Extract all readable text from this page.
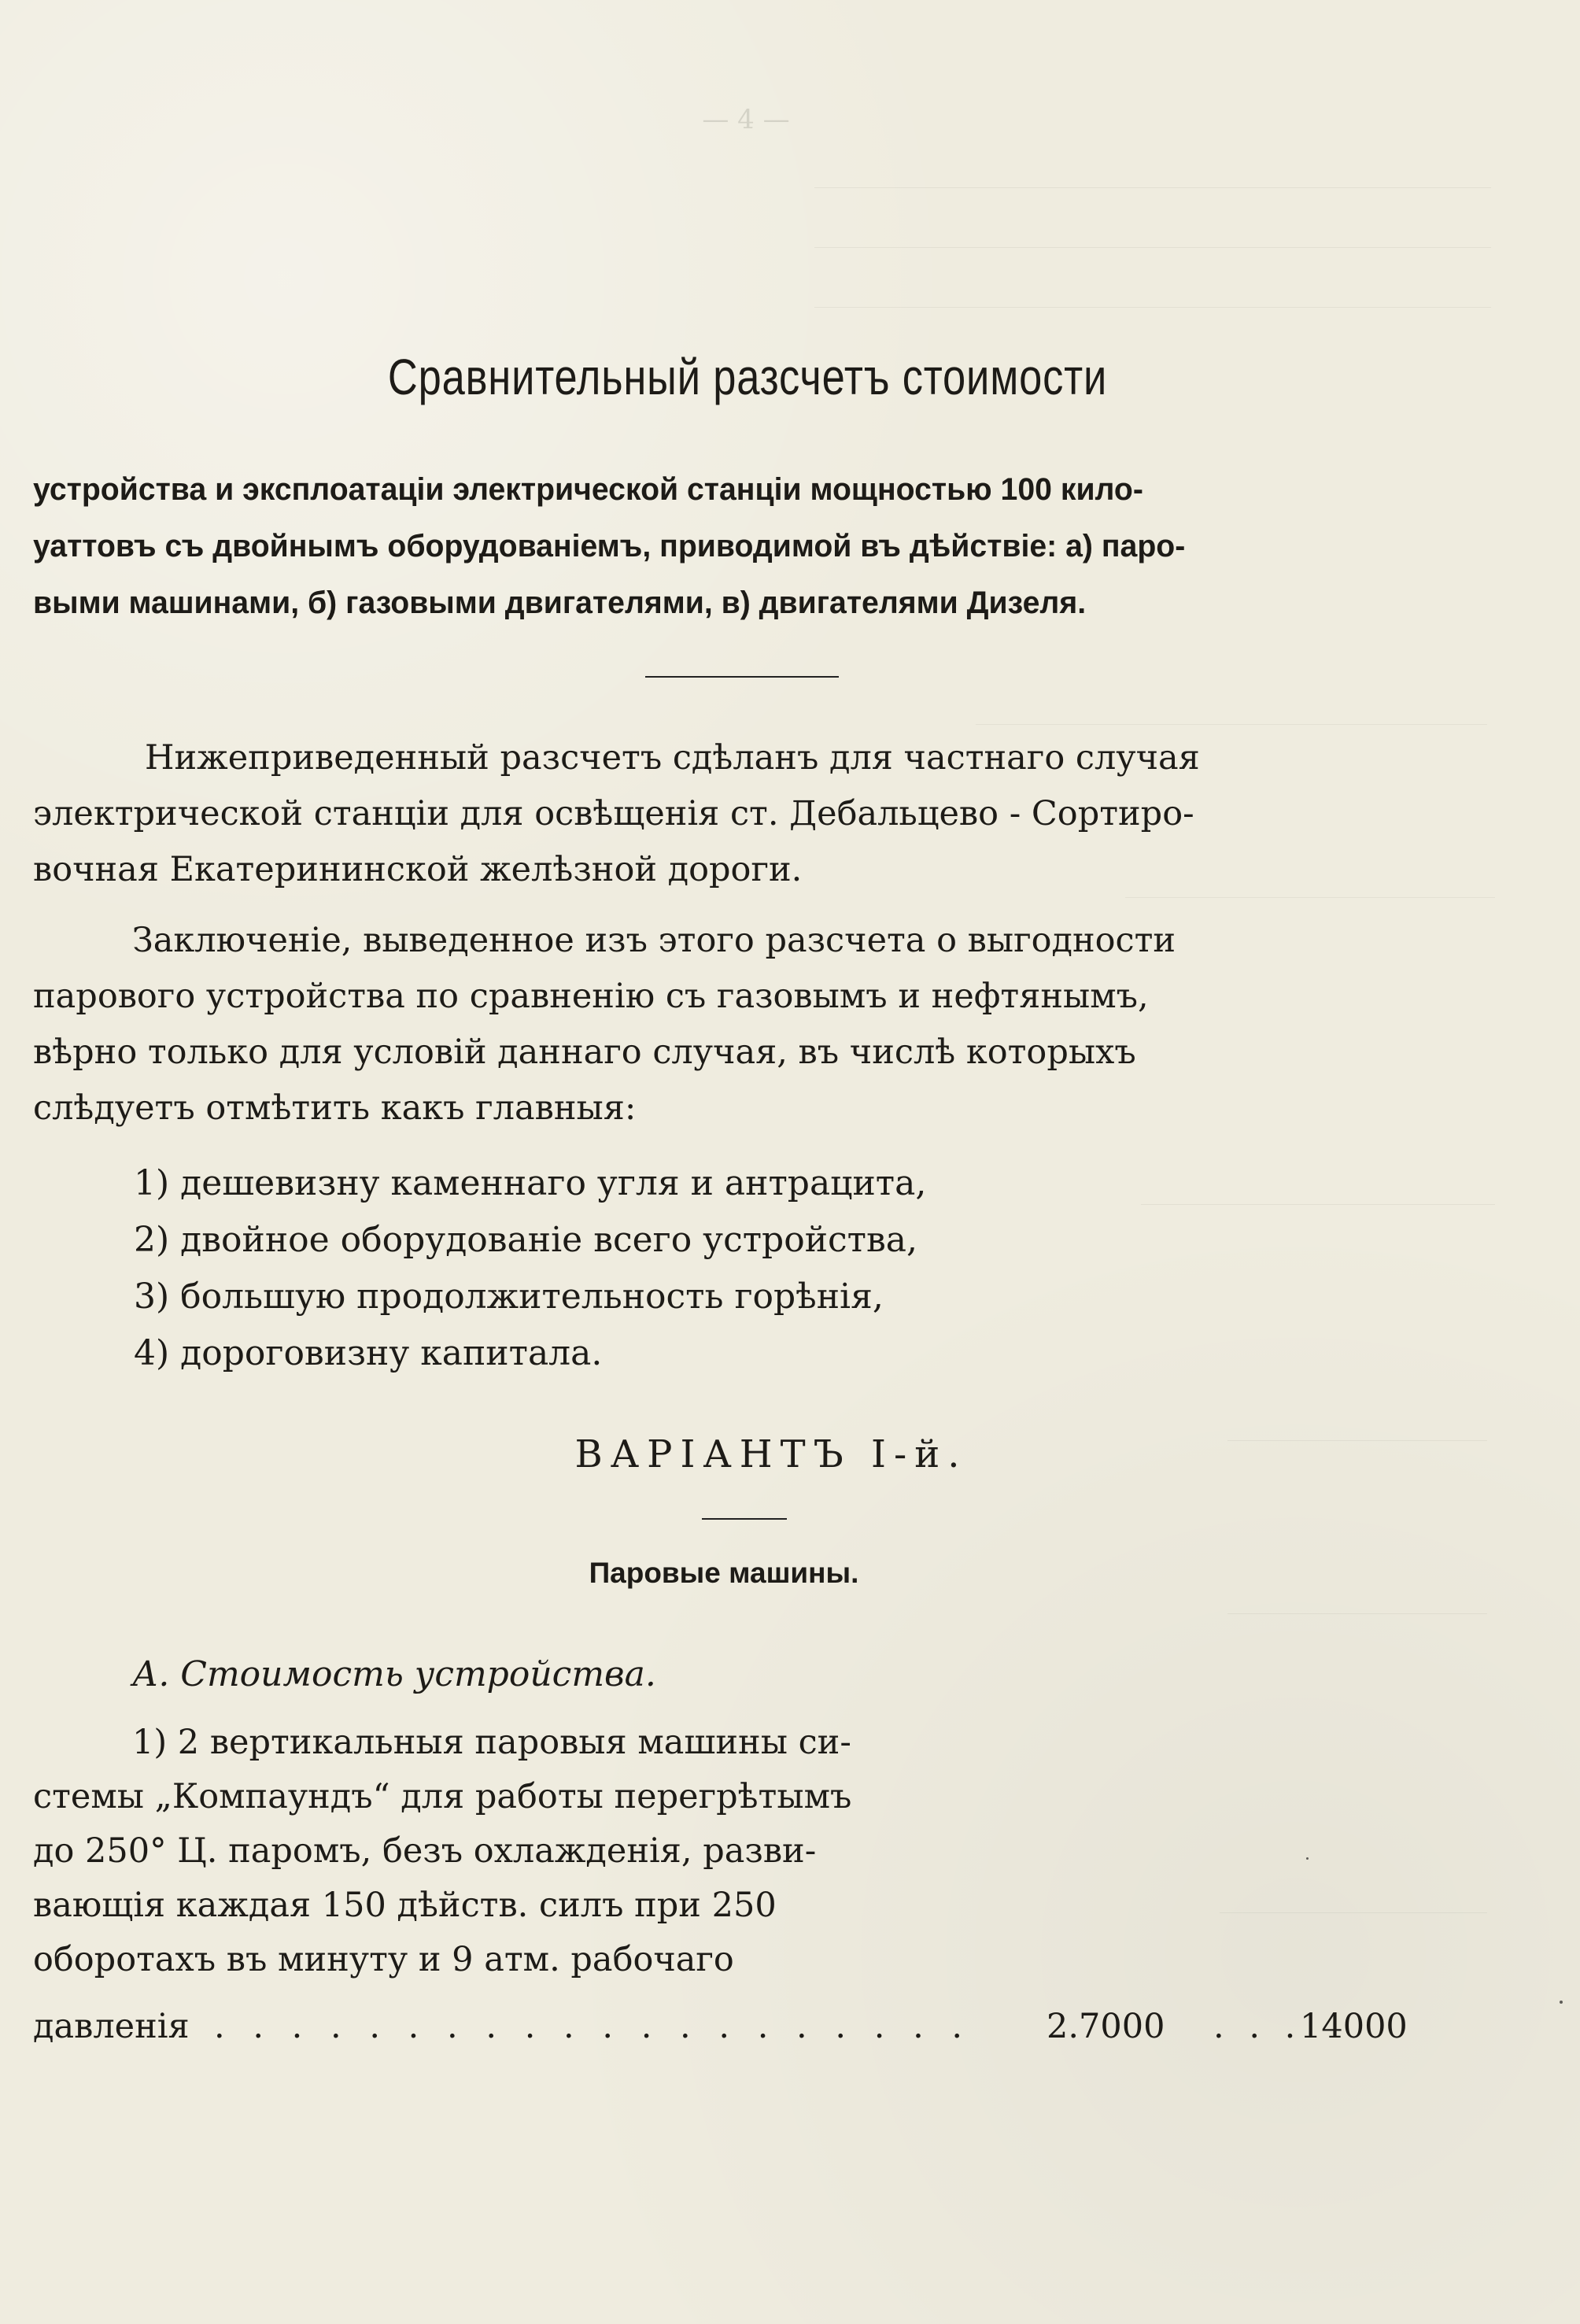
— 4 —
Сравнительный разсчетъ стоимости
устройства и эксплоатаціи электрической станціи мощностью 100 кило-
уаттовъ съ двойнымъ оборудованіемъ, приводимой въ дѣйствіе: а) паро-
выми машинами, б) газовыми двигателями, в) двигателями Дизеля.
Нижеприведенный разсчетъ сдѣланъ для частнаго случая
электрической станціи для освѣщенія ст. Дебальцево - Сортиро-
вочная Екатерининской желѣзной дороги.
Заключеніе, выведенное изъ этого разсчета о выгодности
парового устройства по сравненію съ газовымъ и нефтянымъ,
вѣрно только для условій даннаго случая, въ числѣ которыхъ
слѣдуетъ отмѣтить какъ главныя:
1) дешевизну каменнаго угля и антрацита,
2) двойное оборудованіе всего устройства,
3) большую продолжительность горѣнія,
4) дороговизну капитала.
ВАРІАНТЪ І-й.
Паровые машины.
А. Стоимость устройства.
1) 2 вертикальныя паровыя машины си-
стемы „Компаундъ“ для работы перегрѣтымъ
до 250° Ц. паромъ, безъ охлажденія, разви-
вающія каждая 150 дѣйств. силъ при 250
оборотахъ въ минуту и 9 атм. рабочаго
давленія . . . . . . . . . . . . . . . . . . . . 2.7000 . . .
14000
